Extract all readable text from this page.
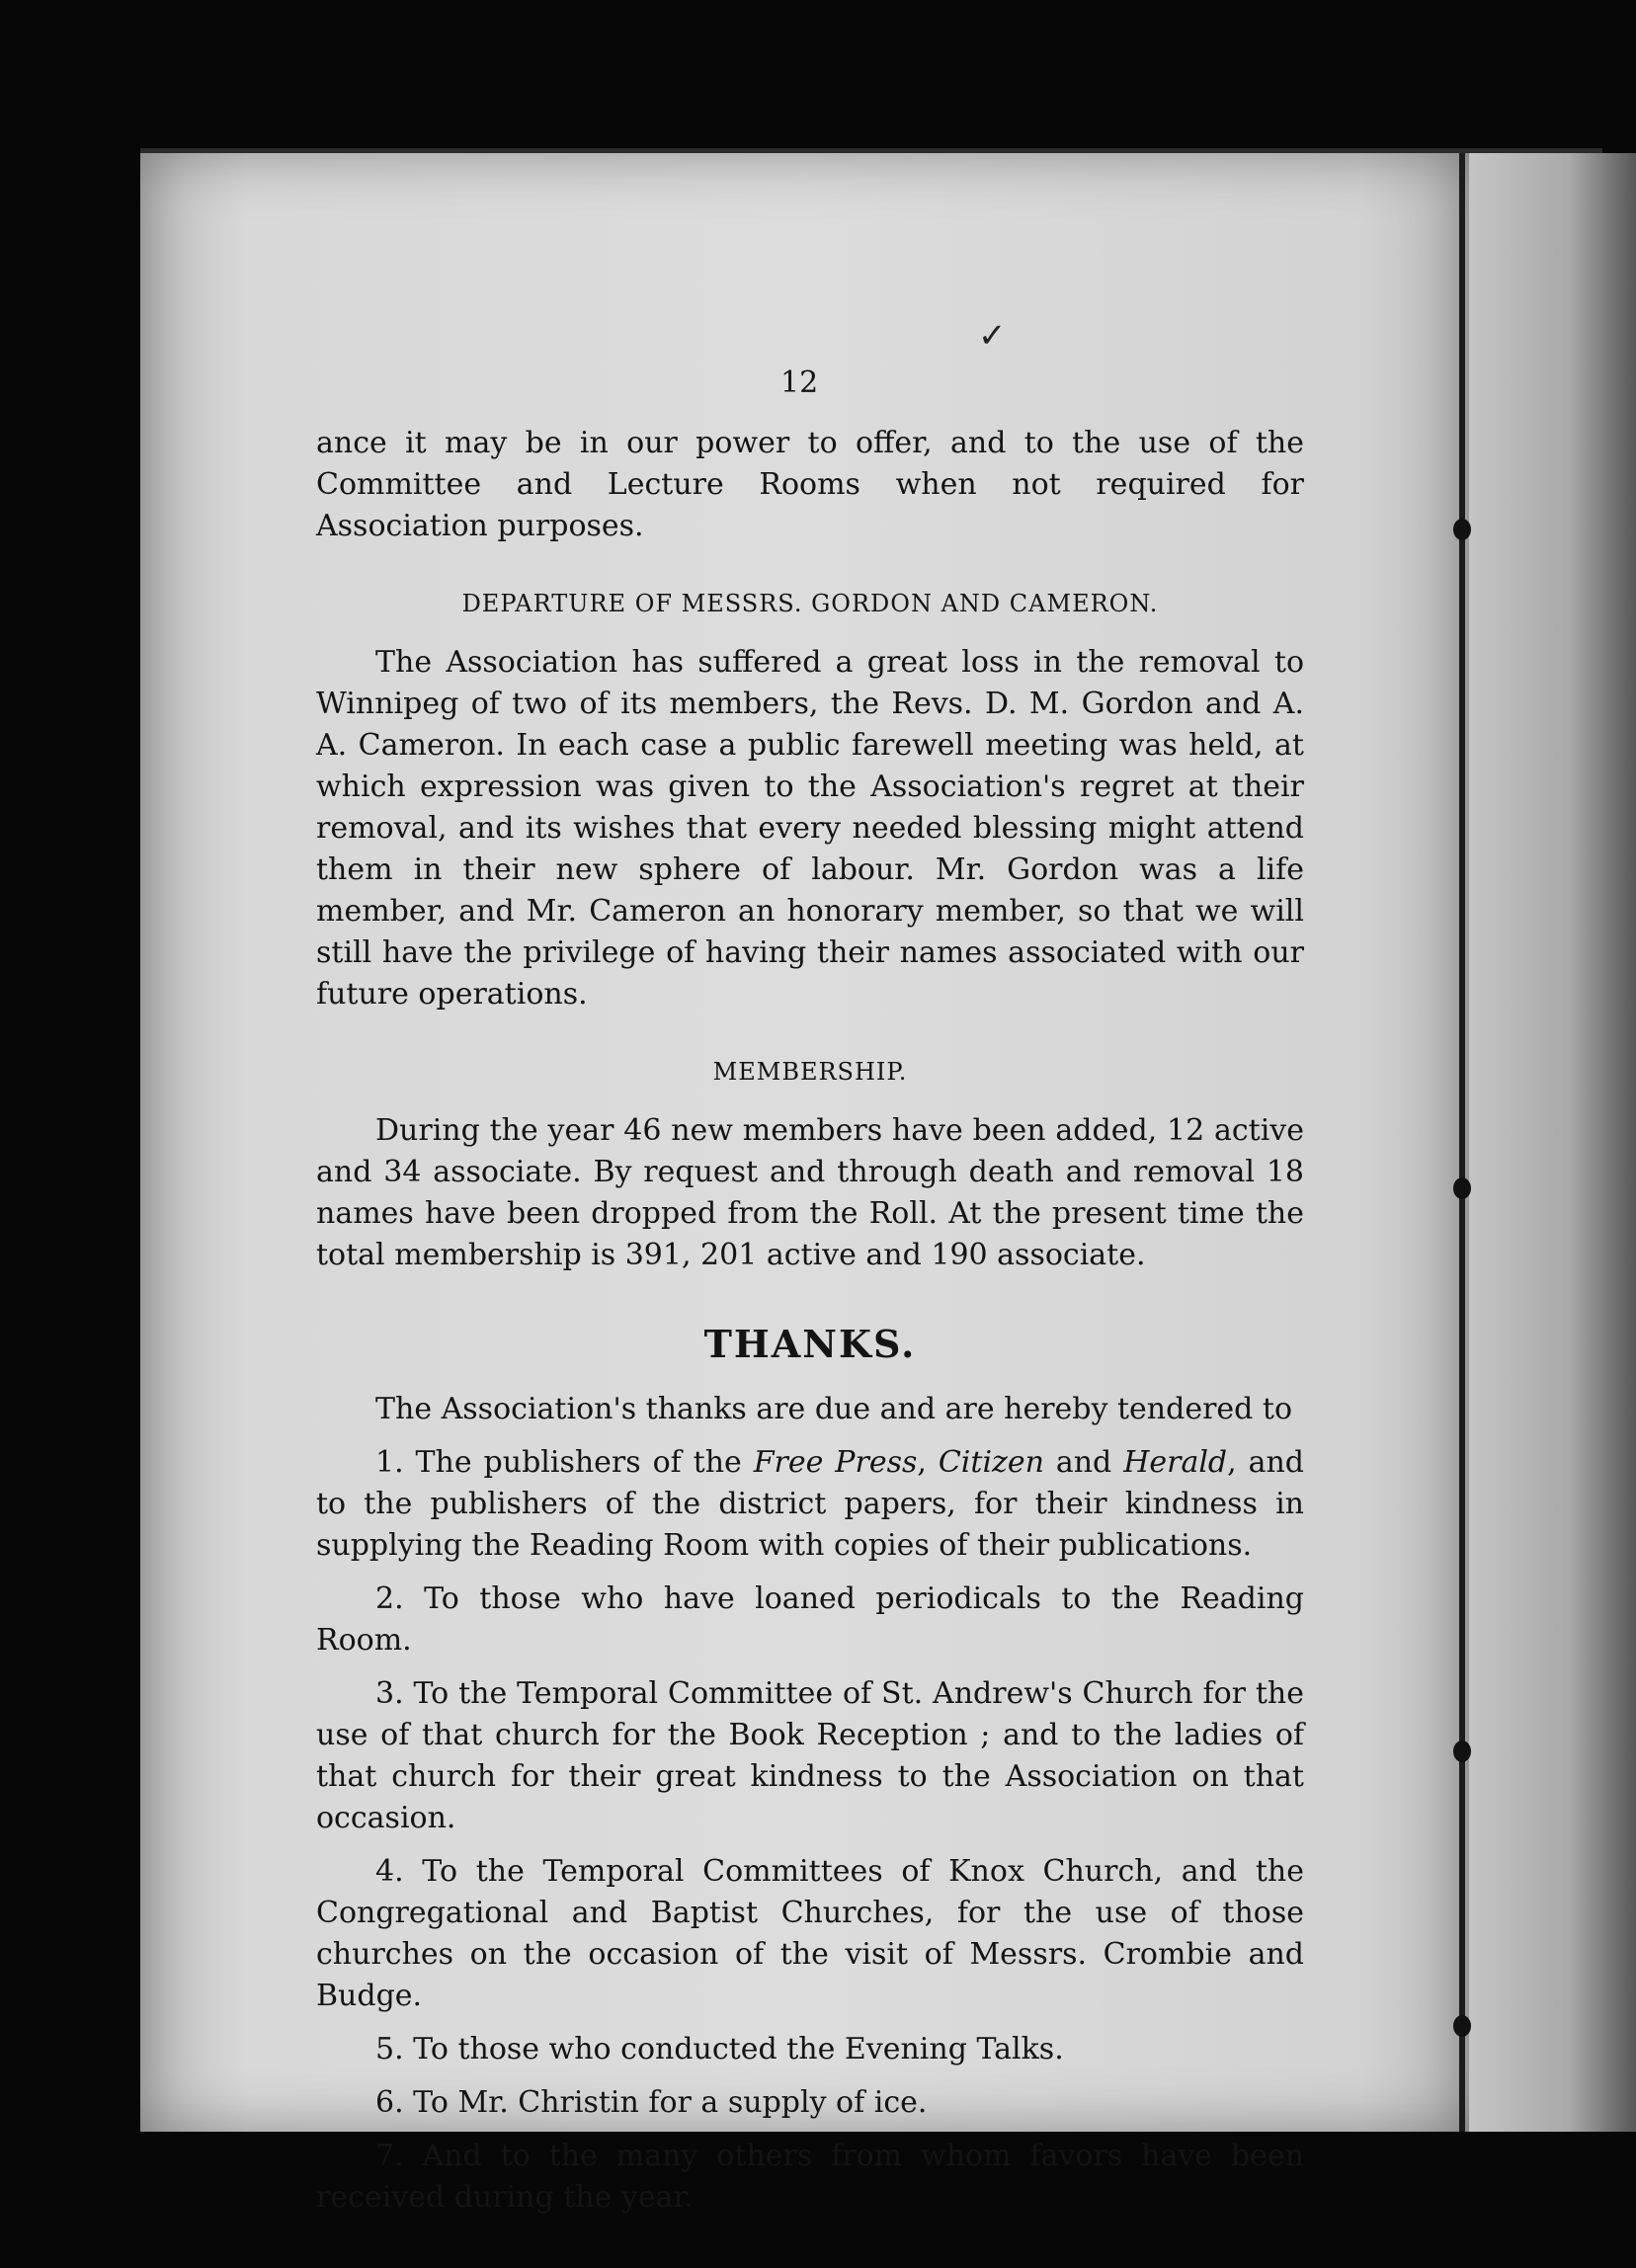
✓
12

ance it may be in our power to offer, and to the use of the Committee and Lecture Rooms when not required for Association purposes.

DEPARTURE OF MESSRS. GORDON AND CAMERON.

The Association has suffered a great loss in the removal to Winnipeg of two of its members, the Revs. D. M. Gordon and A. A. Cameron. In each case a public farewell meeting was held, at which expression was given to the Association's regret at their removal, and its wishes that every needed blessing might attend them in their new sphere of labour. Mr. Gordon was a life member, and Mr. Cameron an honorary member, so that we will still have the privilege of having their names associated with our future operations.

MEMBERSHIP.

During the year 46 new members have been added, 12 active and 34 associate. By request and through death and removal 18 names have been dropped from the Roll. At the present time the total membership is 391, 201 active and 190 associate.

THANKS.

The Association's thanks are due and are hereby tendered to

1. The publishers of the Free Press, Citizen and Herald, and to the publishers of the district papers, for their kindness in supplying the Reading Room with copies of their publications.

2. To those who have loaned periodicals to the Reading Room.

3. To the Temporal Committee of St. Andrew's Church for the use of that church for the Book Reception ; and to the ladies of that church for their great kindness to the Association on that occasion.

4. To the Temporal Committees of Knox Church, and the Congregational and Baptist Churches, for the use of those churches on the occasion of the visit of Messrs. Crombie and Budge.

5. To those who conducted the Evening Talks.

6. To Mr. Christin for a supply of ice.

7. And to the many others from whom favors have been received during the year.
